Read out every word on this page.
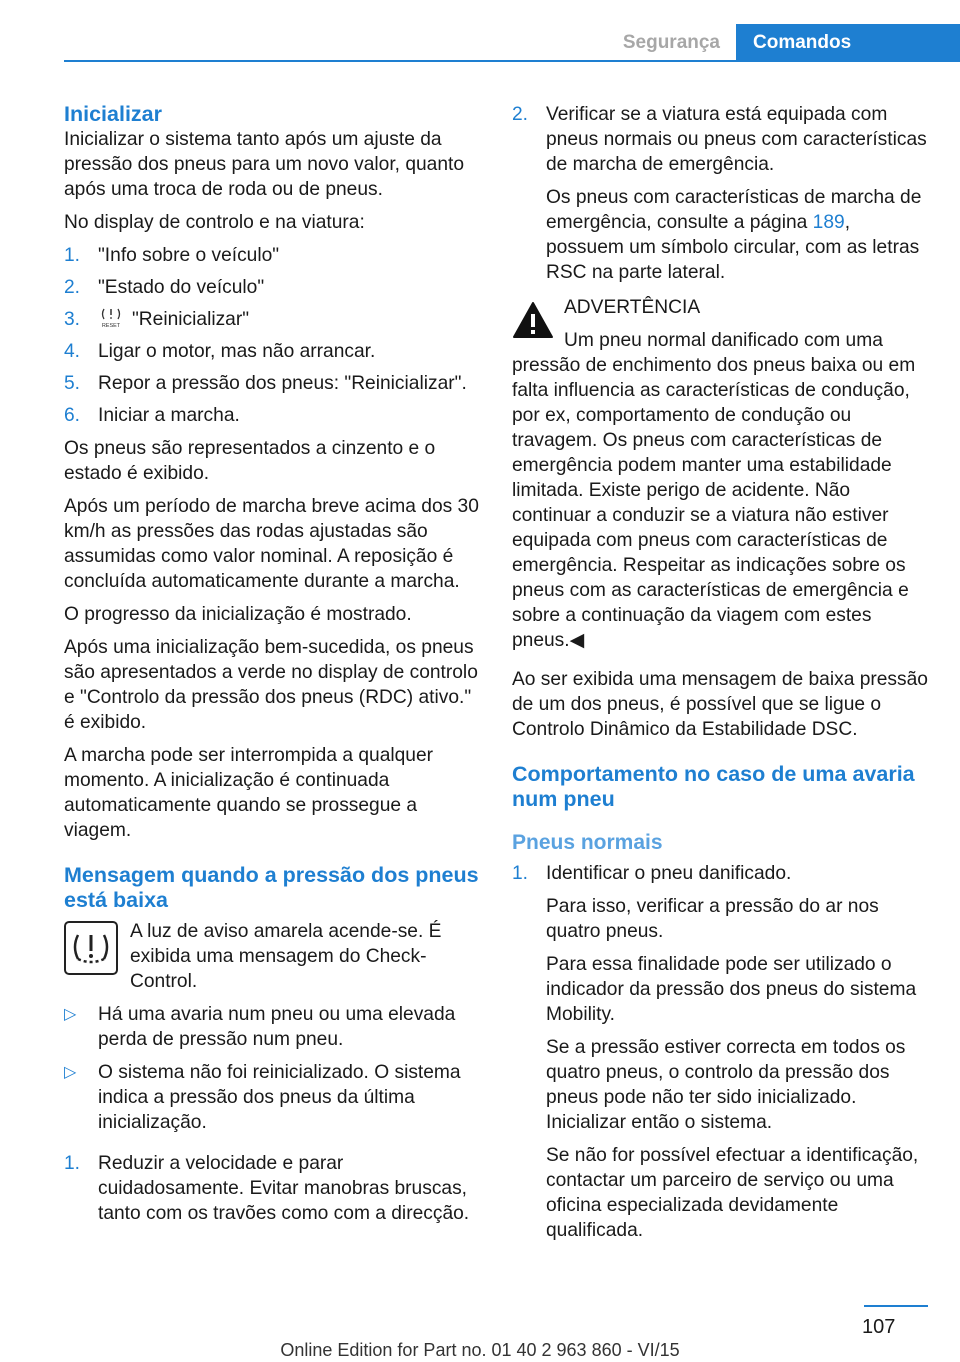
Segurança	Comandos
Inicializar

Inicializar o sistema tanto após um ajuste da pressão dos pneus para um novo valor, quanto após uma troca de roda ou de pneus.

No display de controlo e na viatura:

1. "Info sobre o veículo"
2. "Estado do veículo"
3.	RESET "Reinicializar"
4. Ligar o motor, mas não arrancar.
5. Repor a pressão dos pneus: "Reinicializar".
6. Iniciar a marcha.

Os pneus são representados a cinzento e o estado é exibido.

Após um período de marcha breve acima dos 30 km/h as pressões das rodas ajustadas são assumidas como valor nominal. A reposição é concluída automaticamente durante a marcha.

O progresso da inicialização é mostrado.

Após uma inicialização bem-sucedida, os pneus são apresentados a verde no display de controlo e "Controlo da pressão dos pneus (RDC) ativo." é exibido.

A marcha pode ser interrompida a qualquer momento. A inicialização é continuada automaticamente quando se prossegue a viagem.

Mensagem quando a pressão dos pneus está baixa
A luz de aviso amarela acende-se. É exibida uma mensagem do Check-Control.
▷ Há uma avaria num pneu ou uma elevada perda de pressão num pneu.
▷ O sistema não foi reinicializado. O sistema indica a pressão dos pneus da última inicialização.
1. Reduzir a velocidade e parar cuidadosamente. Evitar manobras bruscas, tanto com os travões como com a direcção.
2. Verificar se a viatura está equipada com pneus normais ou pneus com características de marcha de emergência.

Os pneus com características de marcha de emergência, consulte a página 189, possuem um símbolo circular, com as letras RSC na parte lateral.

ADVERTÊNCIA
Um pneu normal danificado com uma pressão de enchimento dos pneus baixa ou em falta influencia as características de condução, por ex, comportamento de condução ou travagem. Os pneus com características de emergência podem manter uma estabilidade limitada. Existe perigo de acidente. Não continuar a conduzir se a viatura não estiver equipada com pneus com características de emergência. Respeitar as indicações sobre os pneus com as características de emergência e sobre a continuação da viagem com estes pneus.◀

Ao ser exibida uma mensagem de baixa pressão de um dos pneus, é possível que se ligue o Controlo Dinâmico da Estabilidade DSC.

Comportamento no caso de uma avaria num pneu
Pneus normais
1. Identificar o pneu danificado.

Para isso, verificar a pressão do ar nos quatro pneus.

Para essa finalidade pode ser utilizado o indicador da pressão dos pneus do sistema Mobility.

Se a pressão estiver correcta em todos os quatro pneus, o controlo da pressão dos pneus pode não ter sido inicializado. Inicializar então o sistema.

Se não for possível efectuar a identificação, contactar um parceiro de serviço ou uma oficina especializada devidamente qualificada.

107
Online Edition for Part no. 01 40 2 963 860 - VI/15
